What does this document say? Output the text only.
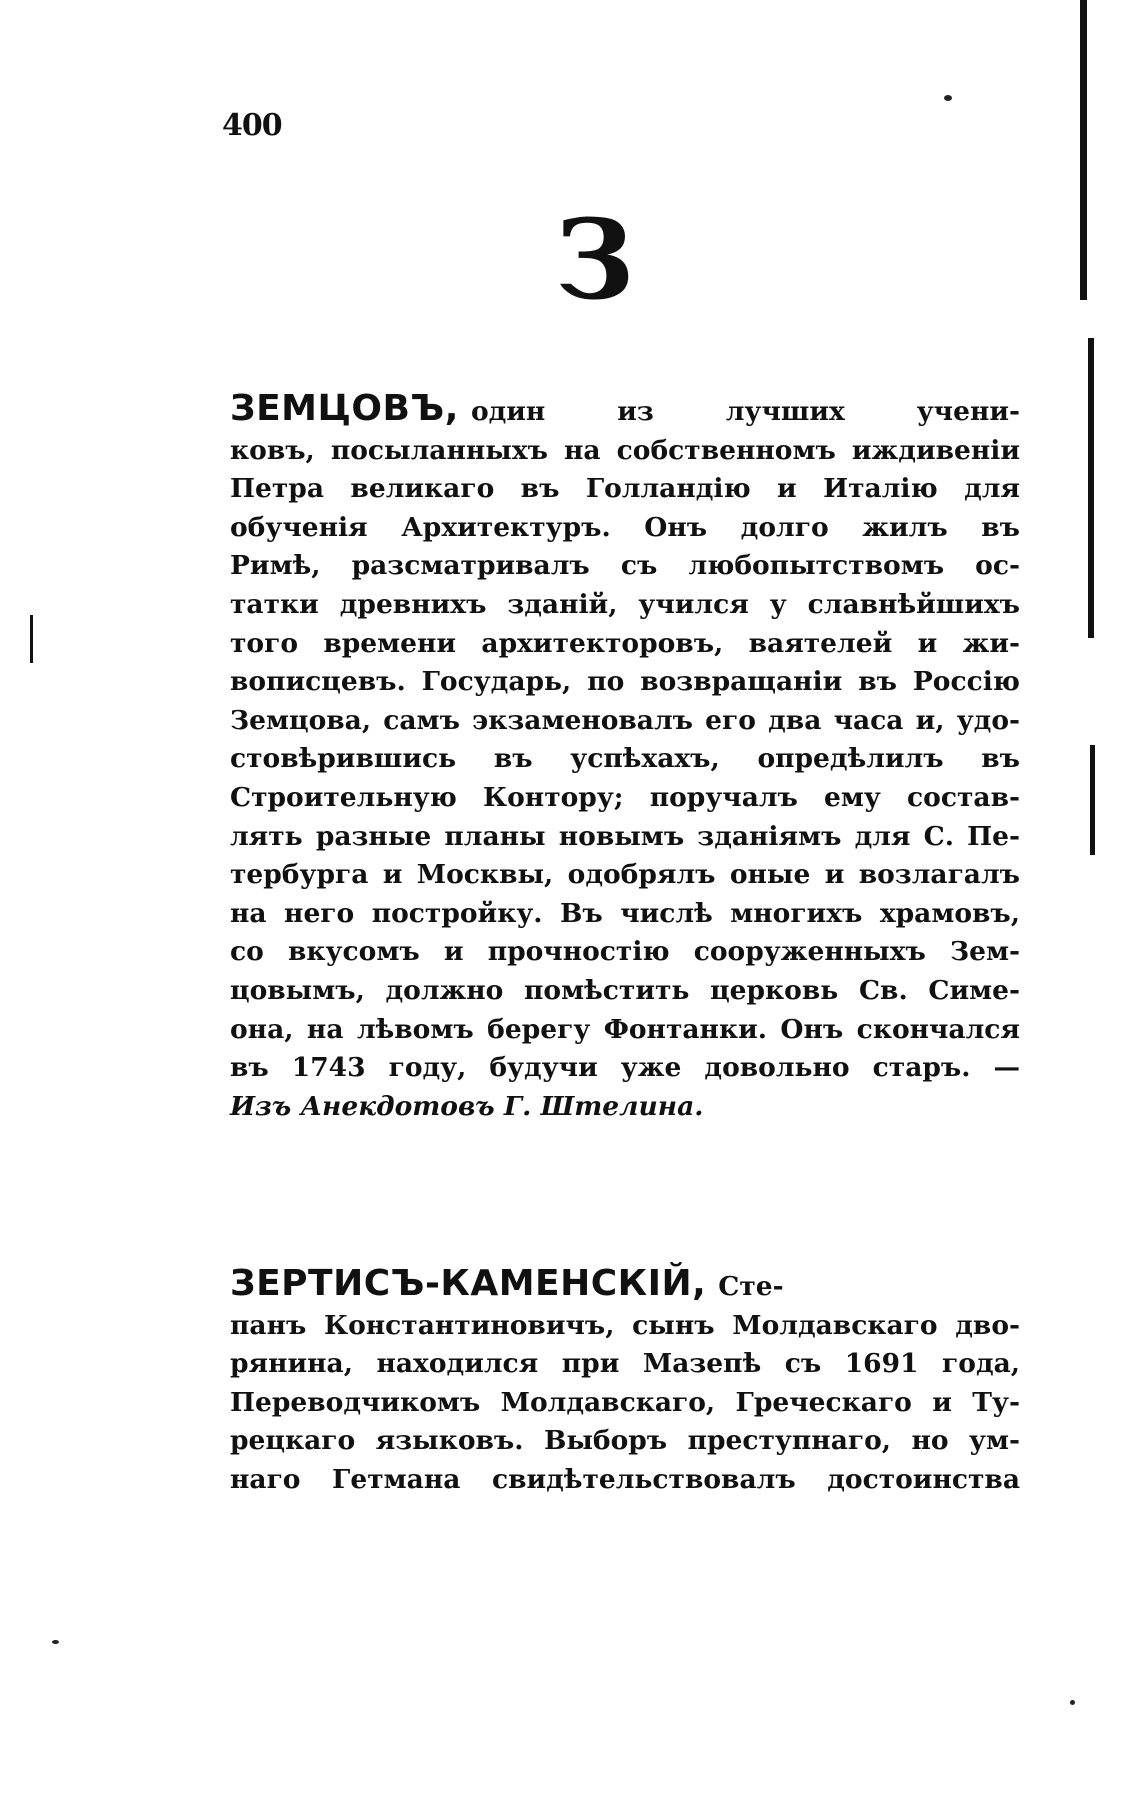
400
З
ЗЕМЦОВЪ, один из лучших учени-
ковъ, посыланныхъ на собственномъ иждивеніи
Петра великаго въ Голландію и Италію для
обученія Архитектуръ. Онъ долго жилъ въ
Римѣ, разсматривалъ съ любопытствомъ ос-
татки древнихъ зданій, учился у славнѣйшихъ
того времени архитекторовъ, ваятелей и жи-
вописцевъ. Государь, по возвращаніи въ Россію
Земцова, самъ экзаменовалъ его два часа и, удо-
стовѣрившись въ успѣхахъ, опредѣлилъ въ
Строительную Контору; поручалъ ему состав-
лять разные планы новымъ зданіямъ для С. Пе-
тербурга и Москвы, одобрялъ оные и возлагалъ
на него постройку. Въ числѣ многихъ храмовъ,
со вкусомъ и прочностію сооруженныхъ Зем-
цовымъ, должно помѣстить церковь Св. Симе-
она, на лѣвомъ берегу Фонтанки. Онъ скончался
въ 1743 году, будучи уже довольно старъ. —
Изъ Анекдотовъ Г. Штелина.
ЗЕРТИСЪ-КАМЕНСКІЙ, Сте-
панъ Константиновичъ, сынъ Молдавскаго дво-
рянина, находился при Мазепѣ съ 1691 года,
Переводчикомъ Молдавскаго, Греческаго и Ту-
рецкаго языковъ. Выборъ преступнаго, но ум-
наго Гетмана свидѣтельствовалъ достоинства
